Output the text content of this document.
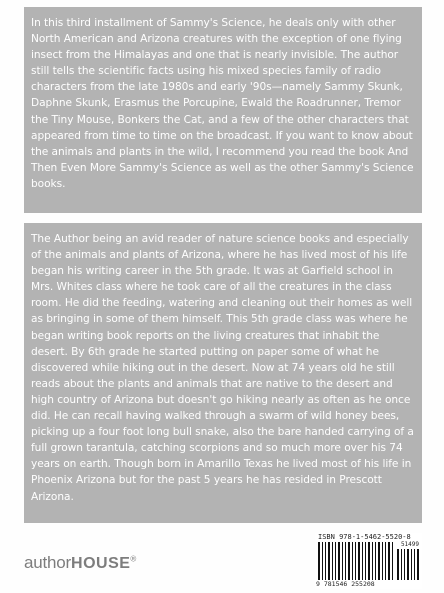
In this third installment of Sammy's Science, he deals only with other North American and Arizona creatures with the exception of one flying insect from the Himalayas and one that is nearly invisible. The author still tells the scientific facts using his mixed species family of radio characters from the late 1980s and early '90s—namely Sammy Skunk, Daphne Skunk, Erasmus the Porcupine, Ewald the Roadrunner, Tremor the Tiny Mouse, Bonkers the Cat, and a few of the other characters that appeared from time to time on the broadcast. If you want to know about the animals and plants in the wild, I recommend you read the book And Then Even More Sammy's Science as well as the other Sammy's Science books.

The Author being an avid reader of nature science books and especially of the animals and plants of Arizona, where he has lived most of his life began his writing career in the 5th grade. It was at Garfield school in Mrs. Whites class where he took care of all the creatures in the class room. He did the feeding, watering and cleaning out their homes as well as bringing in some of them himself. This 5th grade class was where he began writing book reports on the living creatures that inhabit the desert. By 6th grade he started putting on paper some of what he discovered while hiking out in the desert. Now at 74 years old he still reads about the plants and animals that are native to the desert and high country of Arizona but doesn't go hiking nearly as often as he once did. He can recall having walked through a swarm of wild honey bees, picking up a four foot long bull snake, also the bare handed carrying of a full grown tarantula, catching scorpions and so much more over his 74 years on earth. Though born in Amarillo Texas he lived most of his life in Phoenix Arizona but for the past 5 years he has resided in Prescott Arizona.

ISBN 978-1-5462-5520-8
51499
9 781546 255208
authorHOUSE®
